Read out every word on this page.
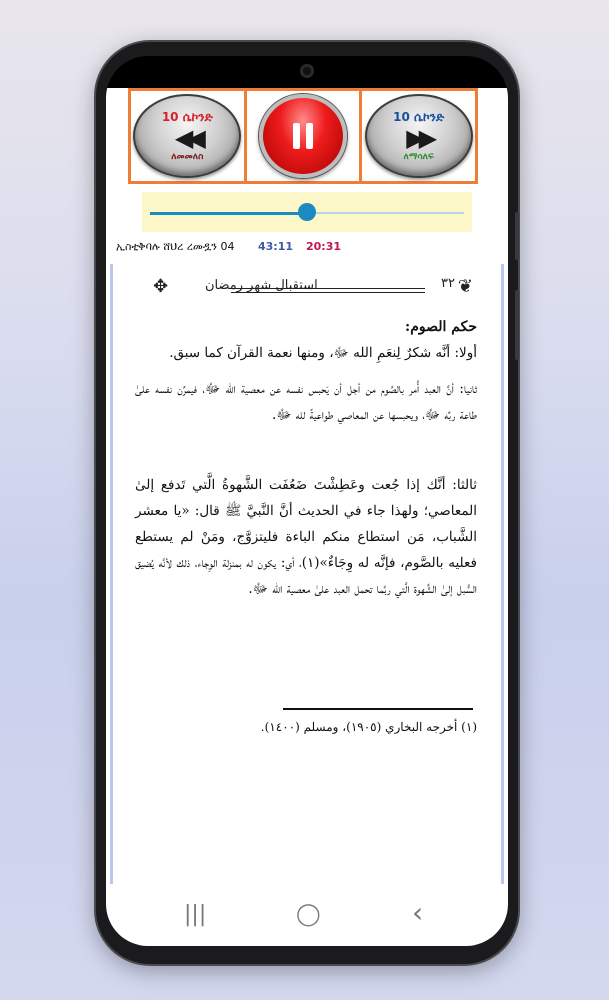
10 ሴኮንድ
◀◀
ለመመለስ
10 ሴኮንድ
▶▶
ለማሳለፍ
ኢስቲቅባሉ ሸህረ ረመዷን 04 43:11 20:31
✥	استقبال شهر رمضان	٣٢ ❦
حكم الصوم:
أولا: أنَّه شكرٌ لِنعَمِ الله ﷻ، ومنها نعمة القرآن كما سبق.
ثانيا: أنَّ العبد أُمر بالصَّوم من أجل أن يَحبس نفسه عن معصية الله ﷻ، فيمرِّن نفسه علىٰ طاعة ربِّه ﷻ، ويحبسها عن المعاصي طواعيةً لله ﷻ.
ثالثا: أنَّك إذا جُعت وعَطِشْتَ ضَعُفَت الشَّهوةُ الَّتي تَدفع إلىٰ المعاصي؛ ولهذا جاء في الحديث أنَّ النَّبيَّ ﷺ قال: «يا معشر الشَّباب، مَن استطاع منكم الباءة فليتزوَّج، ومَنْ لم يستطع فعليه بالصَّوم، فإنَّه له وِجَاءٌ»(١)، أي: يكون له بمنزلة الوِجاء، ذلك لأنَّه يُضيق السُّبل إلىٰ الشَّهوة الَّتي ربَّما تحمل العبد علىٰ معصية الله ﷻ.
(١) أخرجه البخاري (١٩٠٥)، ومسلم (١٤٠٠).
|||	◯	‹
